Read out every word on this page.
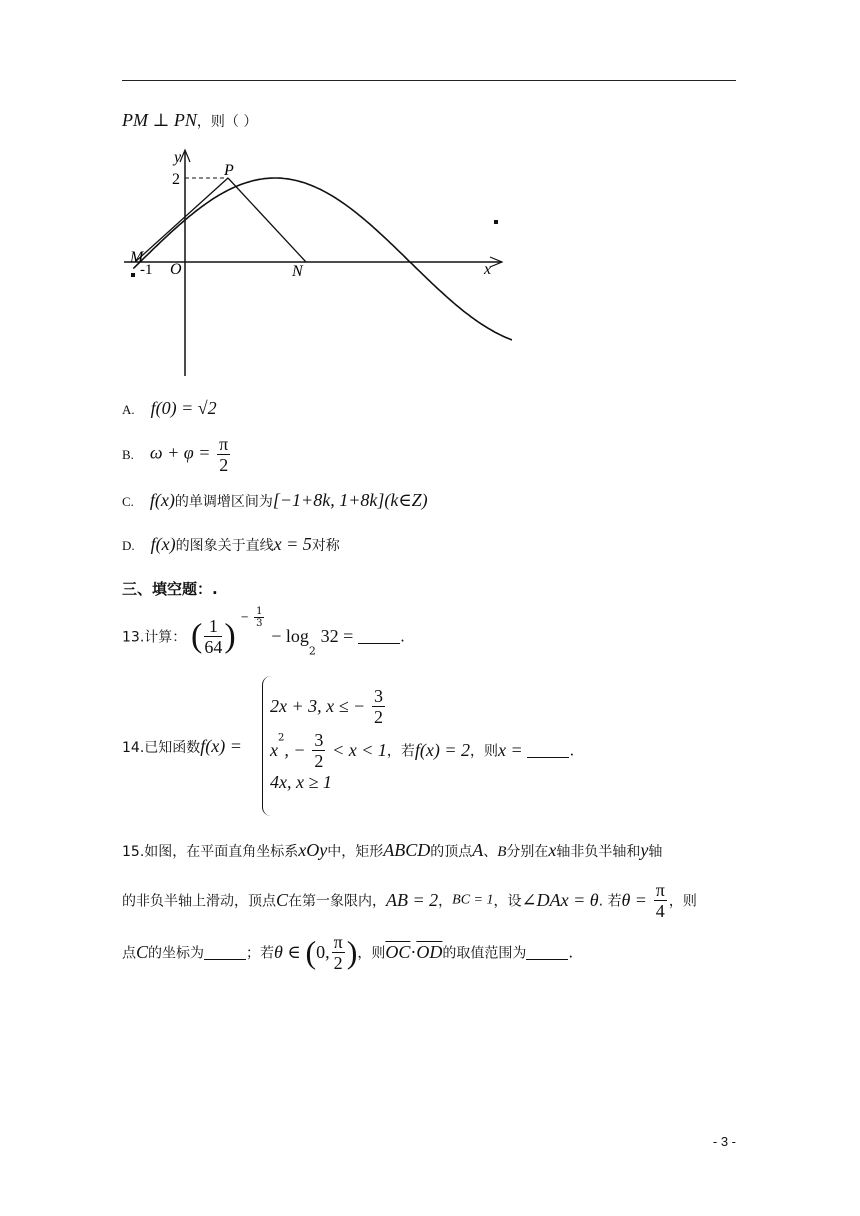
PM ⊥ PN，则（ ）
y
x
2
P
M
-1 O	N
A. f(0) = √2
B. $\omega + \varphi = \frac{\pi}{2}$
C. f(x)的单调增区间为[−1+8k, 1+8k](k∈Z)
D. f(x)的图象关于直线x = 5对称
三、填空题：.
13.计算： ( $\frac{1}{64}$ ) − $\frac{1}{3}$
− $\log_2 32$ =	.
14.已知函数f(x) =
2x + 3, x ≤ − $\frac{3}{2}$
$x^2$, − $\frac{3}{2} < x < 1$，若f(x) = 2，则x =	.
4x, x ≥ 1
15.如图，在平面直角坐标系xOy中，矩形ABCD的顶点A、B分别在x轴非负半轴和y轴
的非负半轴上滑动，顶点C在第一象限内，AB = 2，BC = 1，设∠DAx = θ. 若$\theta = \frac{\pi}{4}$ ，则
点C的坐标为	；若θ ∈ (0, $\frac{\pi}{2}$ )，则$\overline{OC}\cdot\overline{OD}$的取值范围为	.
- 3 -
